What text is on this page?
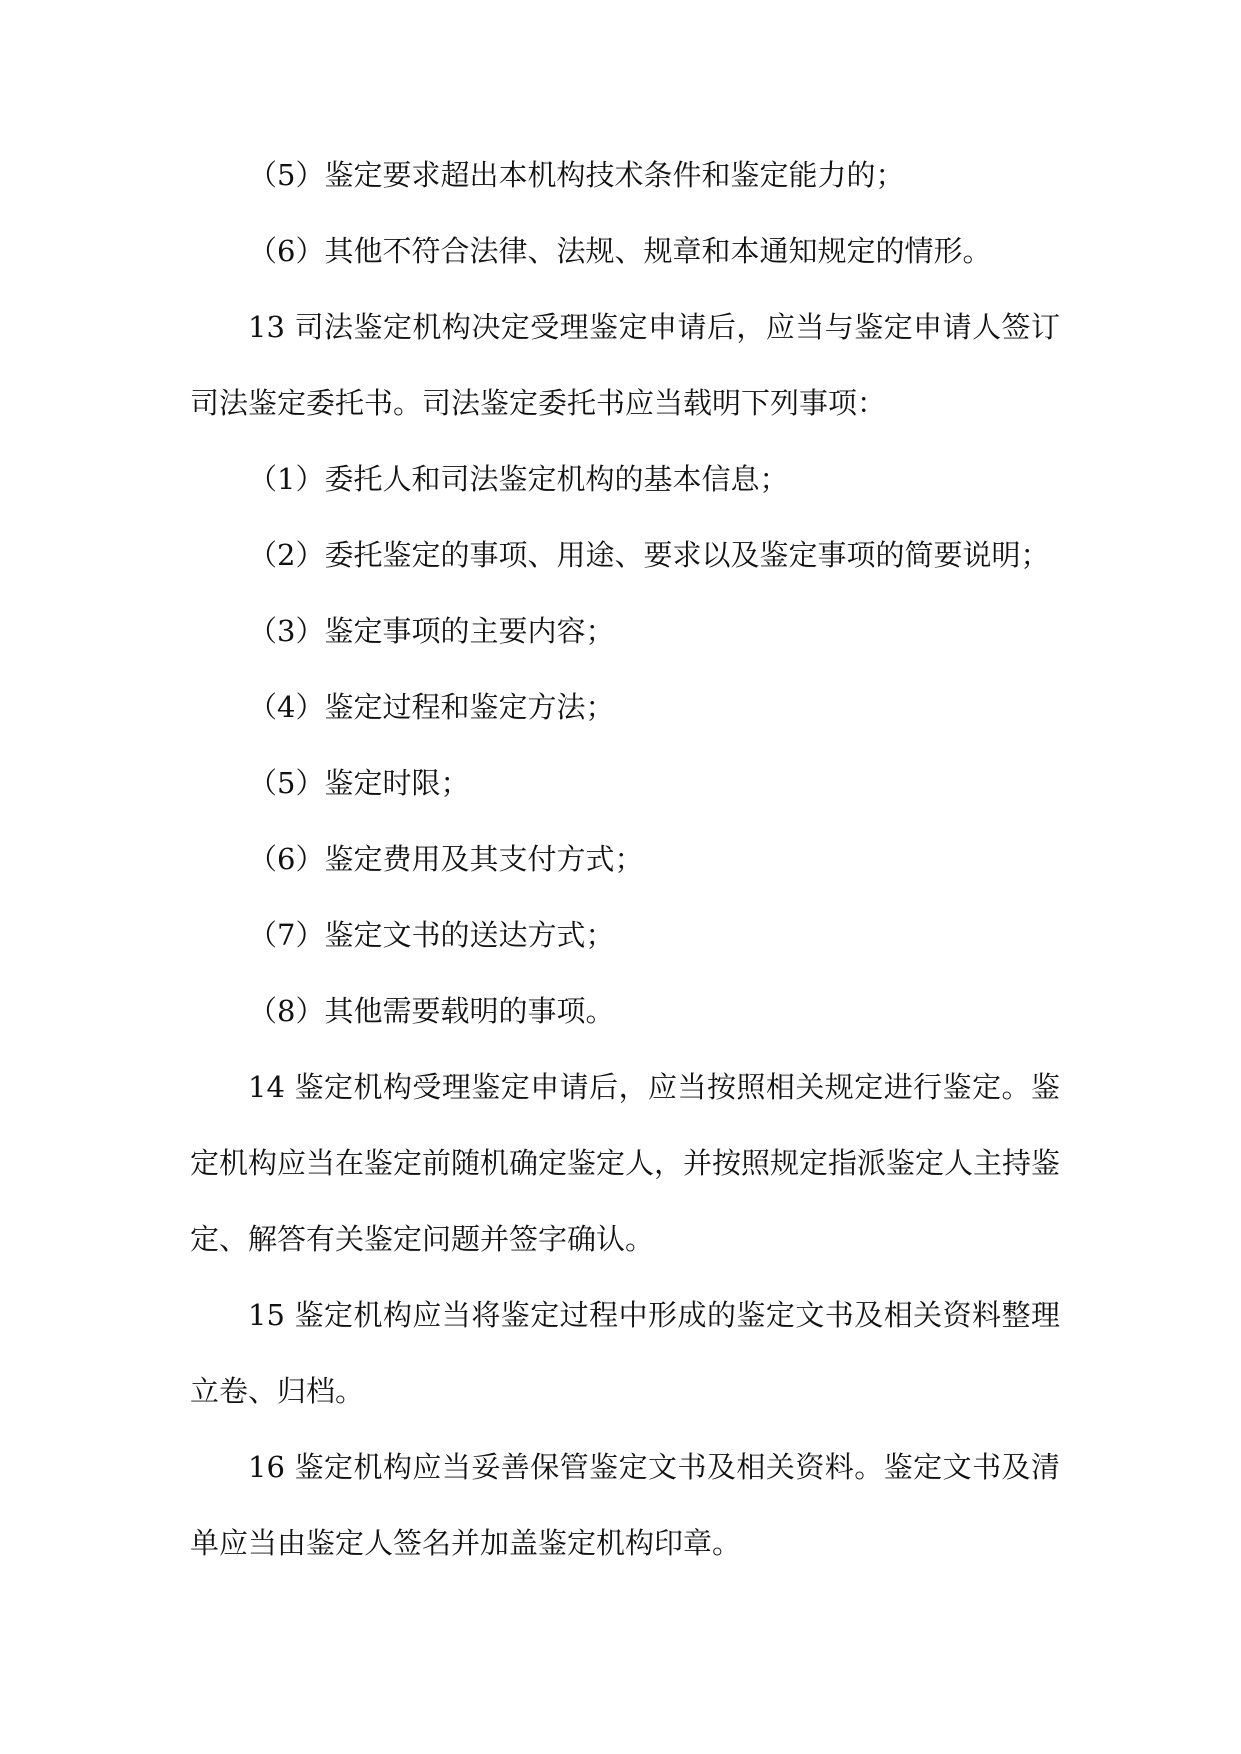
（5）鉴定要求超出本机构技术条件和鉴定能力的；
（6）其他不符合法律、法规、规章和本通知规定的情形。
13 司法鉴定机构决定受理鉴定申请后，应当与鉴定申请人签订
司法鉴定委托书。司法鉴定委托书应当载明下列事项：
（1）委托人和司法鉴定机构的基本信息；
（2）委托鉴定的事项、用途、要求以及鉴定事项的简要说明；
（3）鉴定事项的主要内容；
（4）鉴定过程和鉴定方法；
（5）鉴定时限；
（6）鉴定费用及其支付方式；
（7）鉴定文书的送达方式；
（8）其他需要载明的事项。
14 鉴定机构受理鉴定申请后，应当按照相关规定进行鉴定。鉴
定机构应当在鉴定前随机确定鉴定人，并按照规定指派鉴定人主持鉴
定、解答有关鉴定问题并签字确认。
15 鉴定机构应当将鉴定过程中形成的鉴定文书及相关资料整理
立卷、归档。
16 鉴定机构应当妥善保管鉴定文书及相关资料。鉴定文书及清
单应当由鉴定人签名并加盖鉴定机构印章。
